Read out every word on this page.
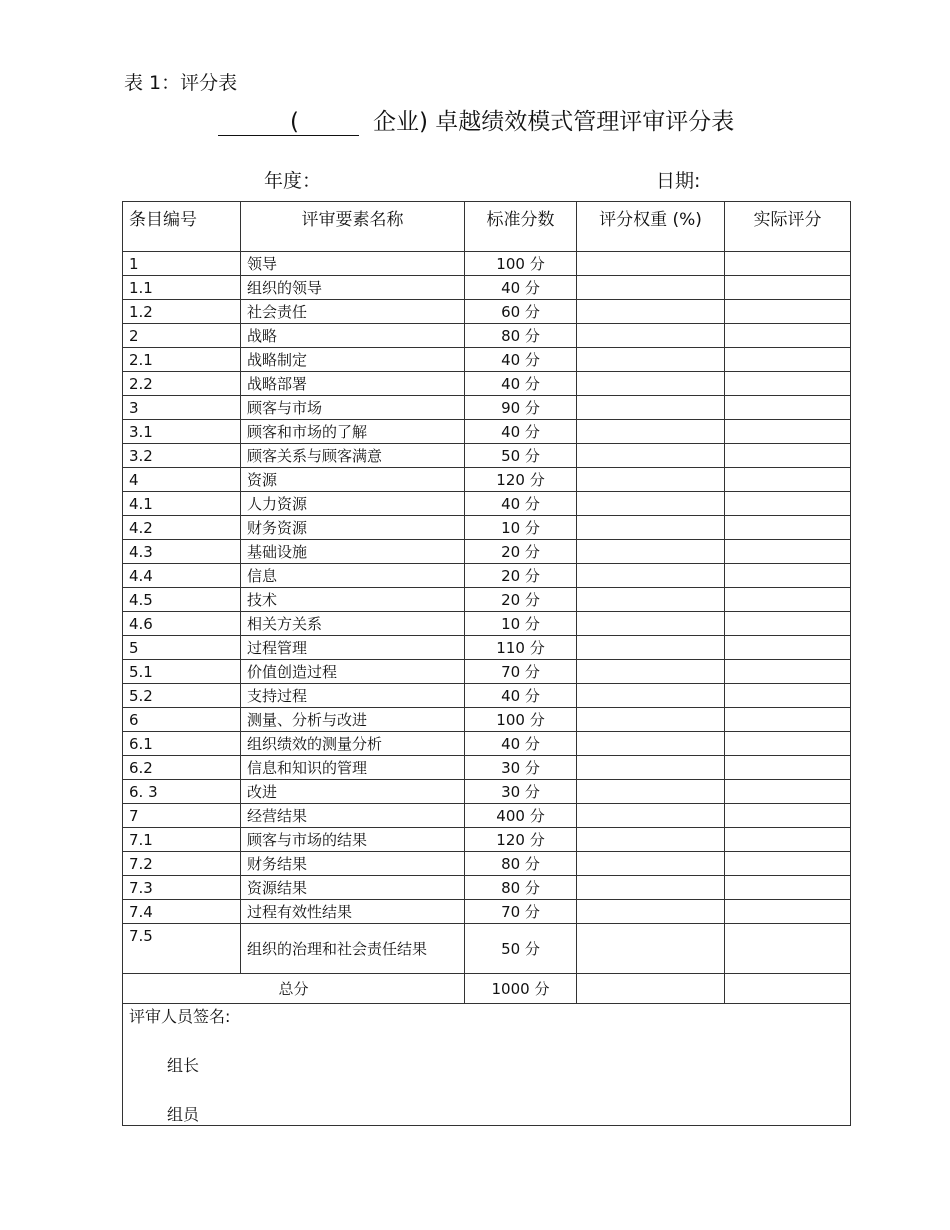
表 1：评分表
(	企业) 卓越绩效模式管理评审评分表
年度：	日期:
条目编号	评审要素名称	标准分数	评分权重 (%)	实际评分
1	领导	100 分		
1.1	组织的领导	40 分		
1.2	社会责任	60 分		
2	战略	80 分		
2.1	战略制定	40 分		
2.2	战略部署	40 分		
3	顾客与市场	90 分		
3.1	顾客和市场的了解	40 分		
3.2	顾客关系与顾客满意	50 分		
4	资源	120 分		
4.1	人力资源	40 分		
4.2	财务资源	10 分		
4.3	基础设施	20 分		
4.4	信息	20 分		
4.5	技术	20 分		
4.6	相关方关系	10 分		
5	过程管理	110 分		
5.1	价值创造过程	70 分		
5.2	支持过程	40 分		
6	测量、分析与改进	100 分		
6.1	组织绩效的测量分析	40 分		
6.2	信息和知识的管理	30 分		
6. 3	改进	30 分		
7	经营结果	400 分		
7.1	顾客与市场的结果	120 分		
7.2	财务结果	80 分		
7.3	资源结果	80 分		
7.4	过程有效性结果	70 分		
7.5	组织的治理和社会责任结果	50 分		
总分		1000 分		

评审人员签名:
组长
组员				
